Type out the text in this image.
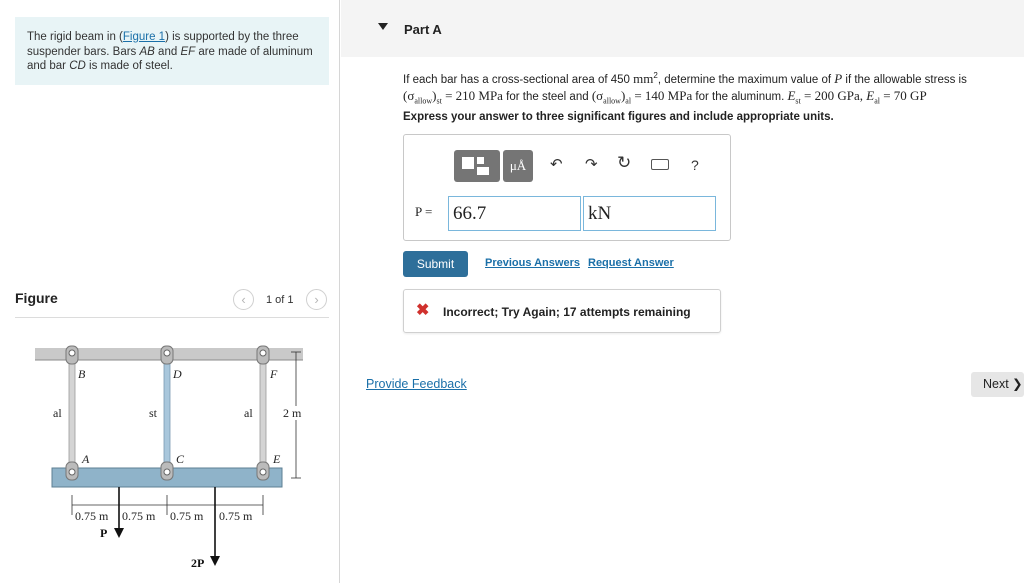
The rigid beam in (Figure 1) is supported by the three suspender bars. Bars AB and EF are made of aluminum and bar CD is made of steel.
Figure	‹	1 of 1	›
B	D	F
A	C	E
al	st	al	2 m
0.75 m 0.75 m 0.75 m 0.75 m
P
2P
Part A
If each bar has a cross-sectional area of 450 $mm^2$, determine the maximum value of P if the allowable stress is
$(\sigma_{allow})_{st} = 210$ MPa for the steel and $(\sigma_{allow})_{al} = 140$ MPa for the aluminum. $E_{st} = 200$ GPa, $E_{al} = 70$ GP
Express your answer to three significant figures and include appropriate units.
μÅ	↶ ↷ ↻	?
P =
66.7
kN
Submit	Previous Answers Request Answer
✖ Incorrect; Try Again; 17 attempts remaining
Provide Feedback	Next ❯
